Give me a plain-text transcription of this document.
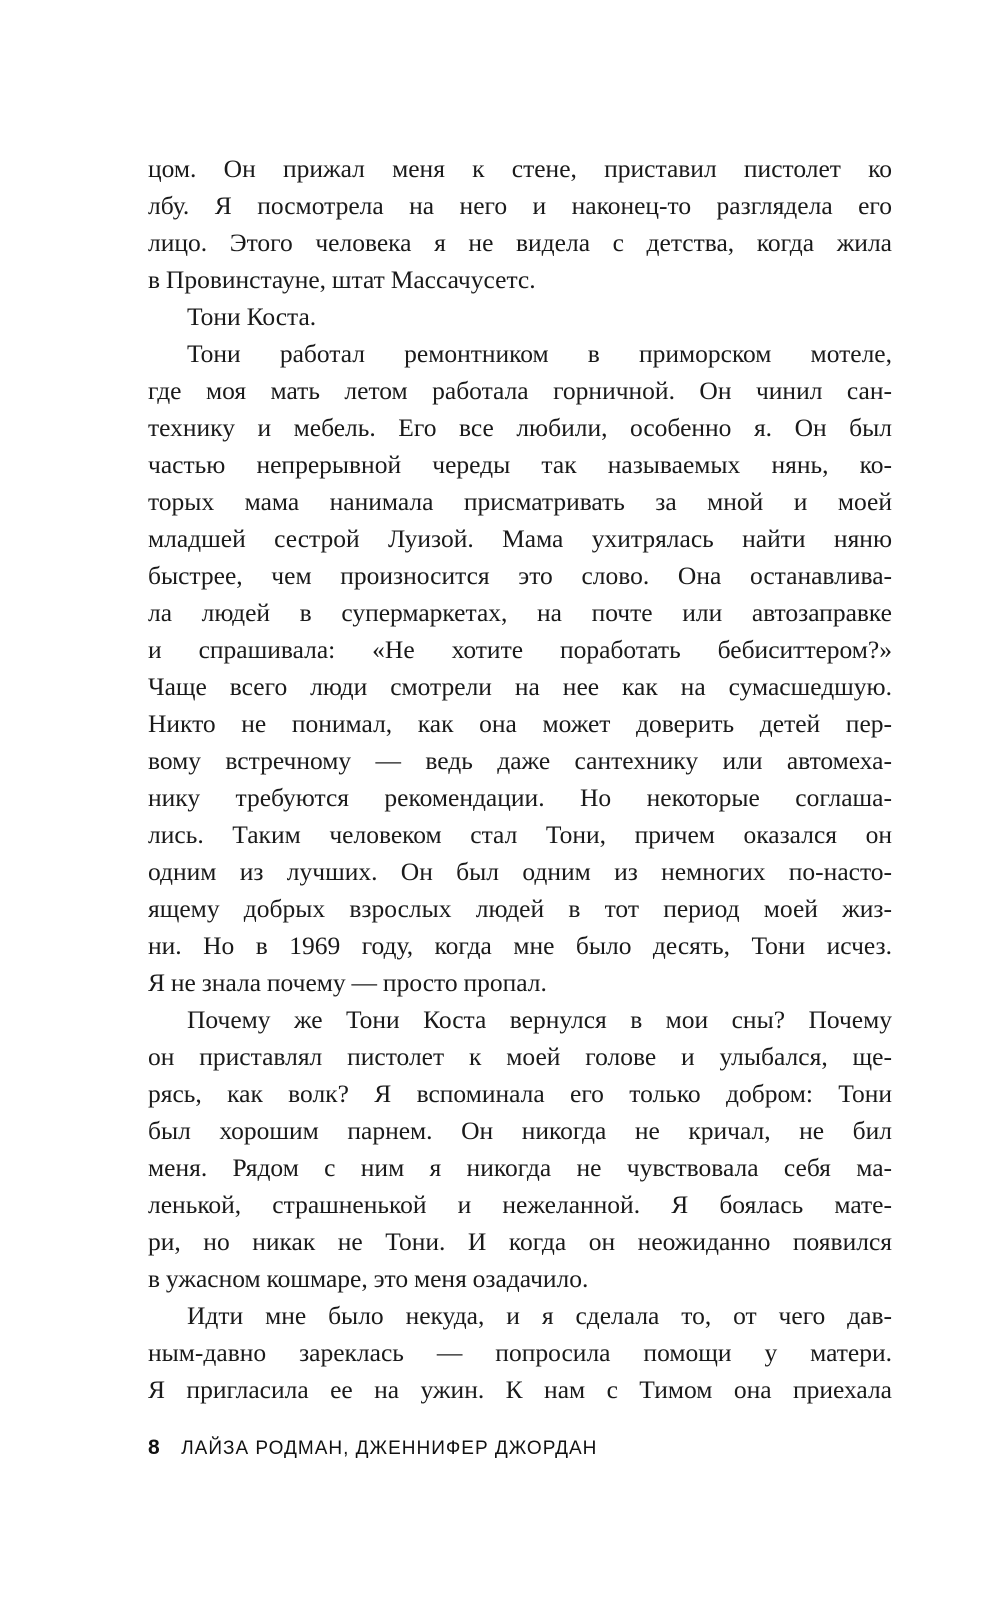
цом. Он прижал меня к стене, приставил пистолет ко
лбу. Я посмотрела на него и наконец-то разглядела его
лицо. Этого человека я не видела с детства, когда жила
в Провинстауне, штат Массачусетс.
Тони Коста.
Тони работал ремонтником в приморском мотеле,
где моя мать летом работала горничной. Он чинил сан-
технику и мебель. Его все любили, особенно я. Он был
частью непрерывной череды так называемых нянь, ко-
торых мама нанимала присматривать за мной и моей
младшей сестрой Луизой. Мама ухитрялась найти няню
быстрее, чем произносится это слово. Она останавлива-
ла людей в супермаркетах, на почте или автозаправке
и спрашивала: «Не хотите поработать бебиситтером?»
Чаще всего люди смотрели на нее как на сумасшедшую.
Никто не понимал, как она может доверить детей пер-
вому встречному — ведь даже сантехнику или автомеха-
нику требуются рекомендации. Но некоторые соглаша-
лись. Таким человеком стал Тони, причем оказался он
одним из лучших. Он был одним из немногих по-насто-
ящему добрых взрослых людей в тот период моей жиз-
ни. Но в 1969 году, когда мне было десять, Тони исчез.
Я не знала почему — просто пропал.
Почему же Тони Коста вернулся в мои сны? Почему
он приставлял пистолет к моей голове и улыбался, ще-
рясь, как волк? Я вспоминала его только добром: Тони
был хорошим парнем. Он никогда не кричал, не бил
меня. Рядом с ним я никогда не чувствовала себя ма-
ленькой, страшненькой и нежеланной. Я боялась мате-
ри, но никак не Тони. И когда он неожиданно появился
в ужасном кошмаре, это меня озадачило.
Идти мне было некуда, и я сделала то, от чего дав-
ным-давно зареклась — попросила помощи у матери.
Я пригласила ее на ужин. К нам с Тимом она приехала
8 ЛАЙЗА РОДМАН, ДЖЕННИФЕР ДЖОРДАН
